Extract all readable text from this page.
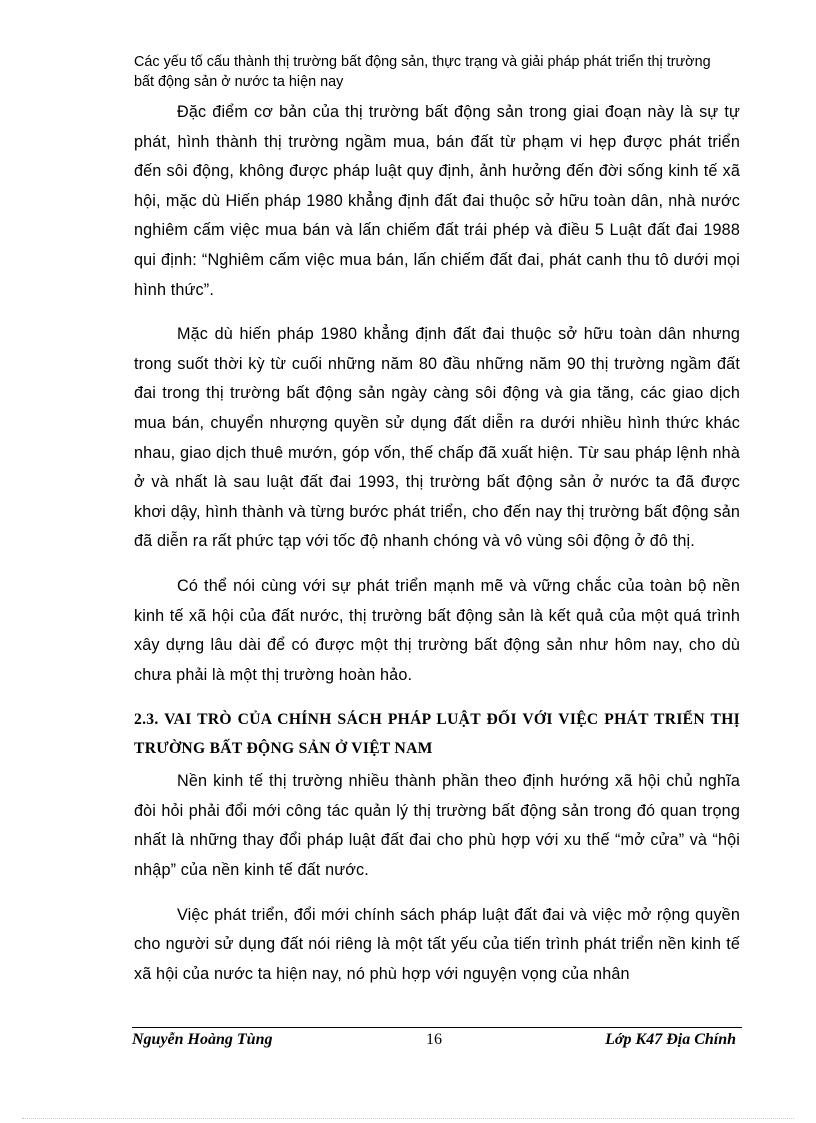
Các yếu tố cấu thành thị trường bất động sản, thực trạng và giải pháp phát triển thị trường bất động sản ở nước ta hiện nay

Đặc điểm cơ bản của thị trường bất động sản trong giai đoạn này là sự tự phát, hình thành thị trường ngầm mua, bán đất từ phạm vi hẹp được phát triển đến sôi động, không được pháp luật quy định, ảnh hưởng đến đời sống kinh tế xã hội, mặc dù Hiến pháp 1980 khẳng định đất đai thuộc sở hữu toàn dân, nhà nước nghiêm cấm việc mua bán và lấn chiếm đất trái phép và điều 5 Luật đất đai 1988 qui định: “Nghiêm cấm việc mua bán, lấn chiếm đất đai, phát canh thu tô dưới mọi hình thức”.

Mặc dù hiến pháp 1980 khẳng định đất đai thuộc sở hữu toàn dân nhưng trong suốt thời kỳ từ cuối những năm 80 đầu những năm 90 thị trường ngầm đất đai trong thị trường bất động sản ngày càng sôi động và gia tăng, các giao dịch mua bán, chuyển nhượng quyền sử dụng đất diễn ra dưới nhiều hình thức khác nhau, giao dịch thuê mướn, góp vốn, thế chấp đã xuất hiện. Từ sau pháp lệnh nhà ở và nhất là sau luật đất đai 1993, thị trường bất động sản ở nước ta đã được khơi dậy, hình thành và từng bước phát triển, cho đến nay thị trường bất động sản đã diễn ra rất phức tạp với tốc độ nhanh chóng và vô vùng sôi động ở đô thị.

Có thể nói cùng với sự phát triển mạnh mẽ và vững chắc của toàn bộ nền kinh tế xã hội của đất nước, thị trường bất động sản là kết quả của một quá trình xây dựng lâu dài để có được một thị trường bất động sản như hôm nay, cho dù chưa phải là một thị trường hoàn hảo.

2.3. VAI TRÒ CỦA CHÍNH SÁCH PHÁP LUẬT ĐỐI VỚI VIỆC PHÁT TRIỂN THỊ TRƯỜNG BẤT ĐỘNG SẢN Ở VIỆT NAM

Nền kinh tế thị trường nhiều thành phần theo định hướng xã hội chủ nghĩa đòi hỏi phải đổi mới công tác quản lý thị trường bất động sản trong đó quan trọng nhất là những thay đổi pháp luật đất đai cho phù hợp với xu thế “mở cửa” và “hội nhập” của nền kinh tế đất nước.

Việc phát triển, đổi mới chính sách pháp luật đất đai và việc mở rộng quyền cho người sử dụng đất nói riêng là một tất yếu của tiến trình phát triển nền kinh tế xã hội của nước ta hiện nay, nó phù hợp với nguyện vọng của nhân

Nguyễn Hoàng Tùng	16	Lớp K47 Địa Chính
